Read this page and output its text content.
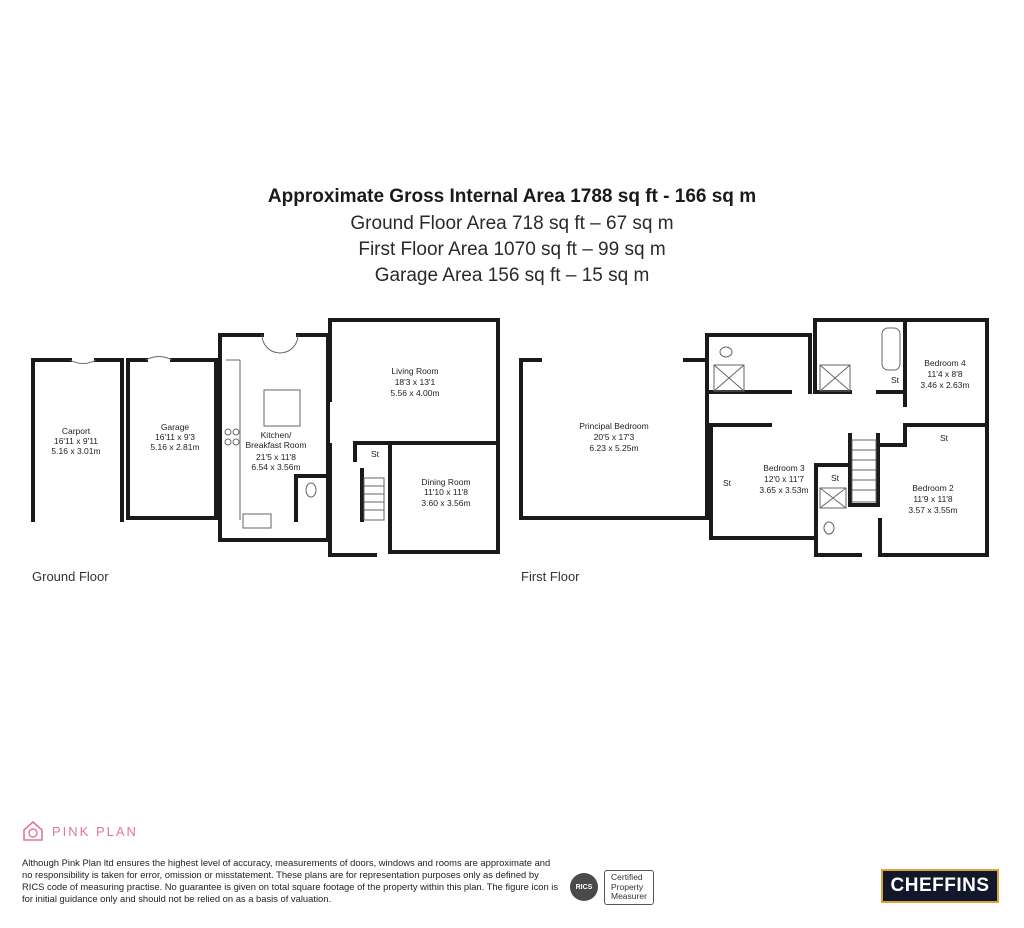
Approximate Gross Internal Area 1788 sq ft - 166 sq m
Ground Floor Area 718 sq ft – 67 sq m
First Floor Area 1070 sq ft – 99 sq m
Garage Area 156 sq ft – 15 sq m
Carport
16'11 x 9'11
5.16 x 3.01m
Garage
16'11 x 9'3
5.16 x 2.81m
Kitchen/
Breakfast Room
21'5 x 11'8
6.54 x 3.56m
Living Room
18'3 x 13'1
5.56 x 4.00m
Dining Room
11'10 x 11'8
3.60 x 3.56m
St
Principal Bedroom
20'5 x 17'3
6.23 x 5.25m
Bedroom 3
12'0 x 11'7
3.65 x 3.53m
St
Bedroom 4
11'4 x 8'8
3.46 x 2.63m
St
Bedroom 2
11'9 x 11'8
3.57 x 3.55m
St
St
Ground Floor	First Floor
PINK PLAN
Although Pink Plan ltd ensures the highest level of accuracy, measurements of doors, windows and rooms are approximate and no responsibility is taken for error, omission or misstatement. These plans are for representation purposes only as defined by RICS code of measuring practise. No guarantee is given on total square footage of the property within this plan. The figure icon is for initial guidance only and should not be relied on as a basis of valuation.
RICS
Certified
Property
Measurer	CHEFFINS
